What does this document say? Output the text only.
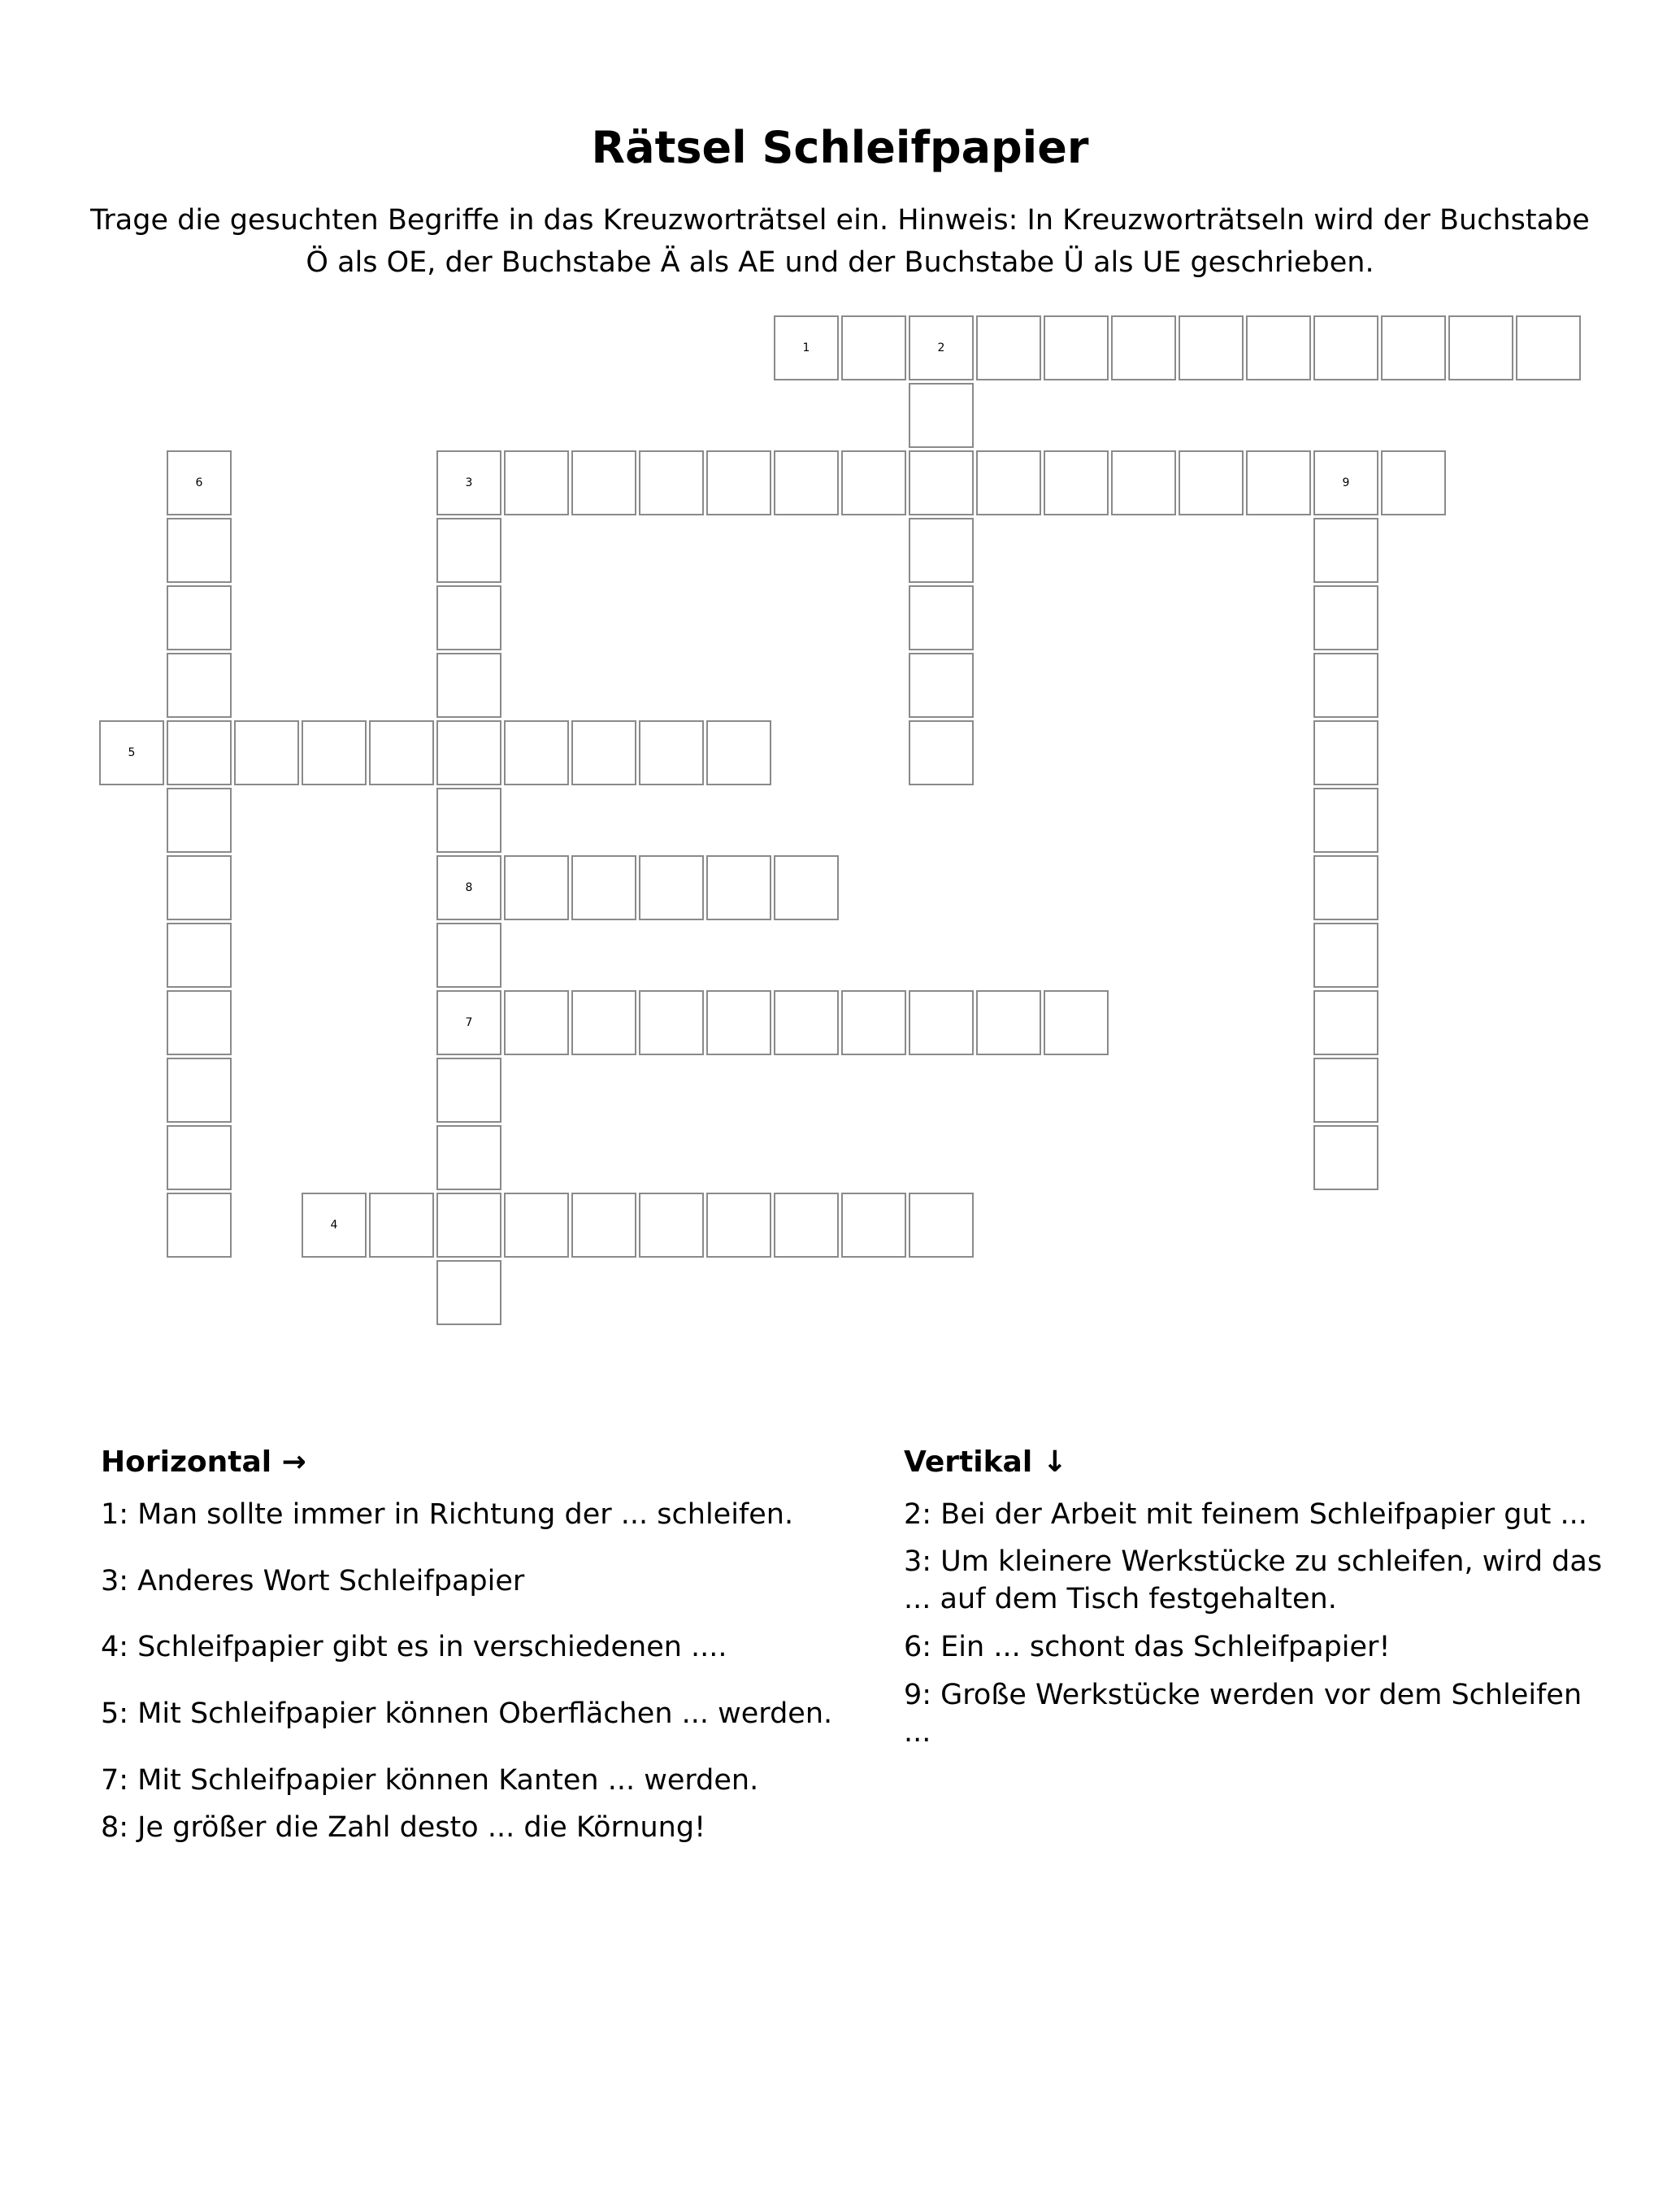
Rätsel Schleifpapier

Trage die gesuchten Begriffe in das Kreuzworträtsel ein. Hinweis: In Kreuzworträtseln wird der Buchstabe Ö als OE, der Buchstabe Ä als AE und der Buchstabe Ü als UE geschrieben.

1	2
3	9
5
8
7
4
6
Horizontal →

1: Man sollte immer in Richtung der ... schleifen.

3: Anderes Wort Schleifpapier

4: Schleifpapier gibt es in verschiedenen ....

5: Mit Schleifpapier können Oberflächen ... werden.

7: Mit Schleifpapier können Kanten ... werden.

8: Je größer die Zahl desto ... die Körnung!

Vertikal ↓

2: Bei der Arbeit mit feinem Schleifpapier gut ...

3: Um kleinere Werkstücke zu schleifen, wird das ... auf dem Tisch festgehalten.

6: Ein ... schont das Schleifpapier!

9: Große Werkstücke werden vor dem Schleifen ...
